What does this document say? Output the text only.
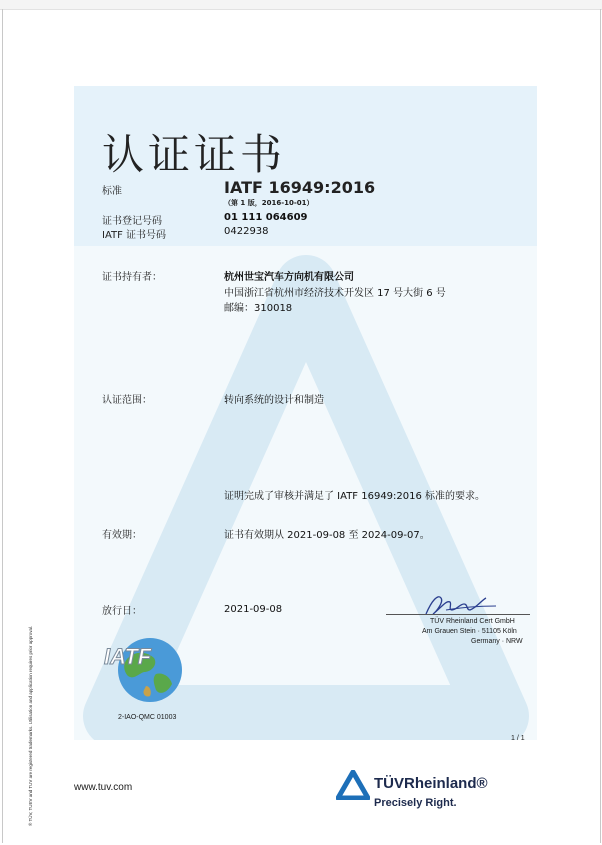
认证证书
标准	IATF 16949:2016
（第 1 版，2016-10-01）
证书登记号码	01 111 064609
IATF 证书号码	0422938
证书持有者：	杭州世宝汽车方向机有限公司
中国浙江省杭州市经济技术开发区 17 号大街 6 号
邮编：310018
认证范围：	转向系统的设计和制造
证明完成了审核并满足了 IATF 16949:2016 标准的要求。
有效期：	证书有效期从 2021-09-08 至 2024-09-07。
放行日：	2021-09-08
TÜV Rheinland Cert GmbH
Am Grauen Stein · 51105 Köln
Germany · NRW
IATF
2-IAO-QMC 01003
1 / 1
www.tuv.com	TÜVRheinland®
Precisely Right.
® TÜV, TUEV and TUV are registered trademarks. Utilisation and application requires prior approval.
